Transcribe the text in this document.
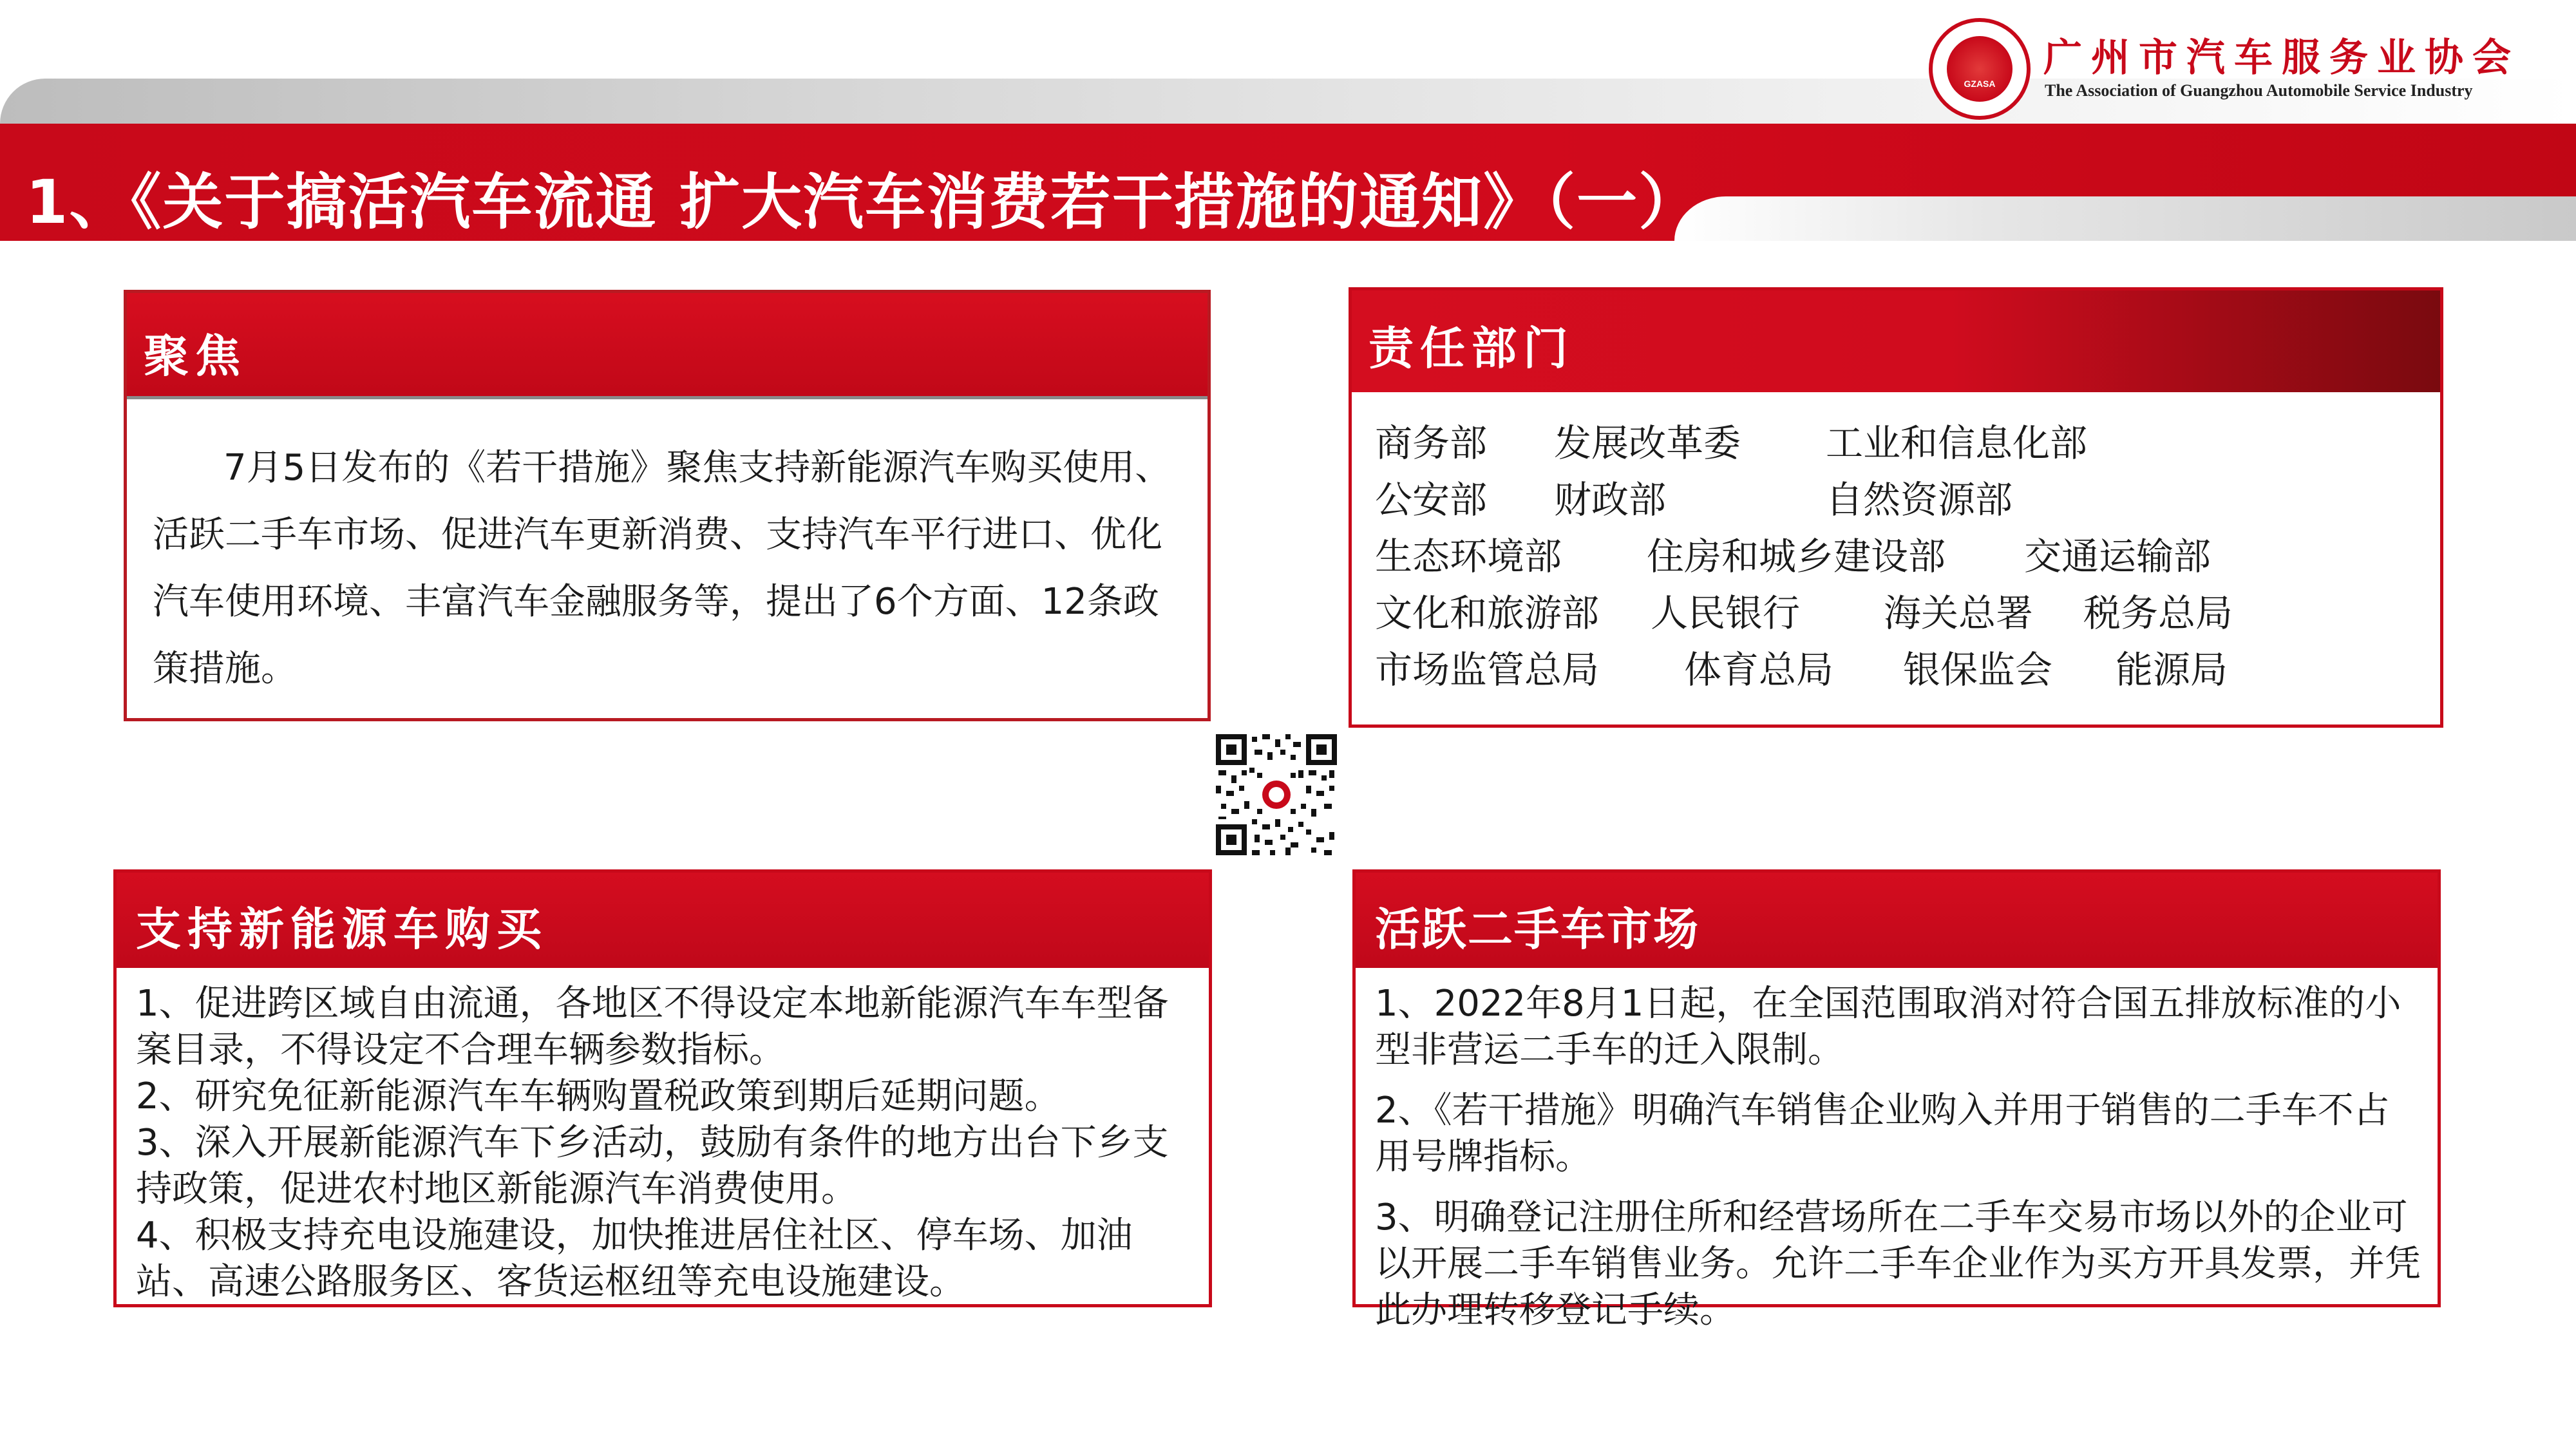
1、《关于搞活汽车流通 扩大汽车消费若干措施的通知》（一）
GZASA
广州市汽车服务业协会
The Association of Guangzhou Automobile Service Industry
聚焦
7月5日发布的《若干措施》聚焦支持新能源汽车购买使用、活跃二手车市场、促进汽车更新消费、支持汽车平行进口、优化汽车使用环境、丰富汽车金融服务等，提出了6个方面、12条政策措施。
责任部门
商务部 发展改革委 工业和信息化部
公安部 财政部	自然资源部
生态环境部 住房和城乡建设部 交通运输部
文化和旅游部 人民银行 海关总署 税务总局
市场监管总局 体育总局 银保监会 能源局
支持新能源车购买

1、促进跨区域自由流通，各地区不得设定本地新能源汽车车型备案目录，不得设定不合理车辆参数指标。

2、研究免征新能源汽车车辆购置税政策到期后延期问题。

3、深入开展新能源汽车下乡活动，鼓励有条件的地方出台下乡支持政策，促进农村地区新能源汽车消费使用。

4、积极支持充电设施建设，加快推进居住社区、停车场、加油站、高速公路服务区、客货运枢纽等充电设施建设。

活跃二手车市场

1、2022年8月1日起，在全国范围取消对符合国五排放标准的小型非营运二手车的迁入限制。

2、《若干措施》明确汽车销售企业购入并用于销售的二手车不占用号牌指标。

3、明确登记注册住所和经营场所在二手车交易市场以外的企业可以开展二手车销售业务。允许二手车企业作为买方开具发票，并凭此办理转移登记手续。
